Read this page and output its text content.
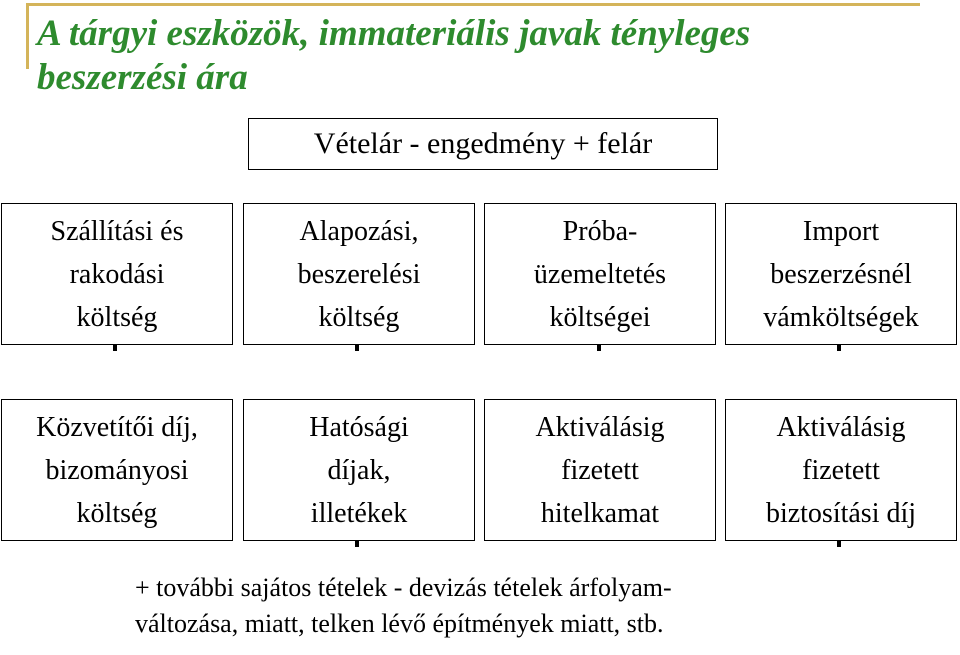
A tárgyi eszközök, immateriális javak tényleges
beszerzési ára
Vételár - engedmény + felár
Szállítási és
rakodási
költség
Alapozási,
beszerelési
költség
Próba-
üzemeltetés
költségei
Import
beszerzésnél
vámköltségek
Közvetítői díj,
bizományosi
költség
Hatósági
díjak,
illetékek
Aktiválásig
fizetett
hitelkamat
Aktiválásig
fizetett
biztosítási díj
+ további sajátos tételek - devizás tételek árfolyam-
változása, miatt, telken lévő építmények miatt, stb.
